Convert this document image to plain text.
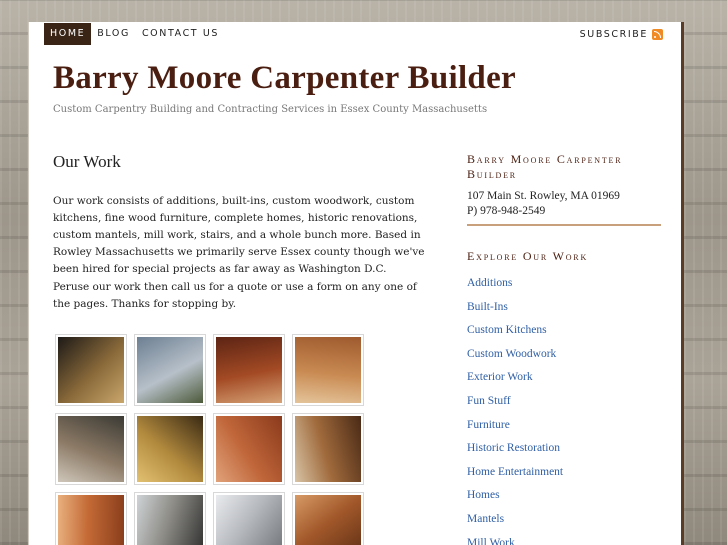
HOME	BLOG	CONTACT US	SUBSCRIBE
Barry Moore Carpenter Builder
Custom Carpentry Building and Contracting Services in Essex County Massachusetts
Our Work

Our work consists of additions, built-ins, custom woodwork, custom kitchens, fine wood furniture, complete homes, historic renovations, custom mantels, mill work, stairs, and a whole bunch more. Based in Rowley Massachusetts we primarily serve Essex county though we've been hired for special projects as far away as Washington D.C.

Peruse our work then call us for a quote or use a form on any one of the pages. Thanks for stopping by.

Barry Moore Carpenter Builder
107 Main St. Rowley, MA 01969
P) 978-948-2549
Explore Our Work
Additions
Built-Ins
Custom Kitchens
Custom Woodwork
Exterior Work
Fun Stuff
Furniture
Historic Restoration
Home Entertainment
Homes
Mantels
Mill Work
